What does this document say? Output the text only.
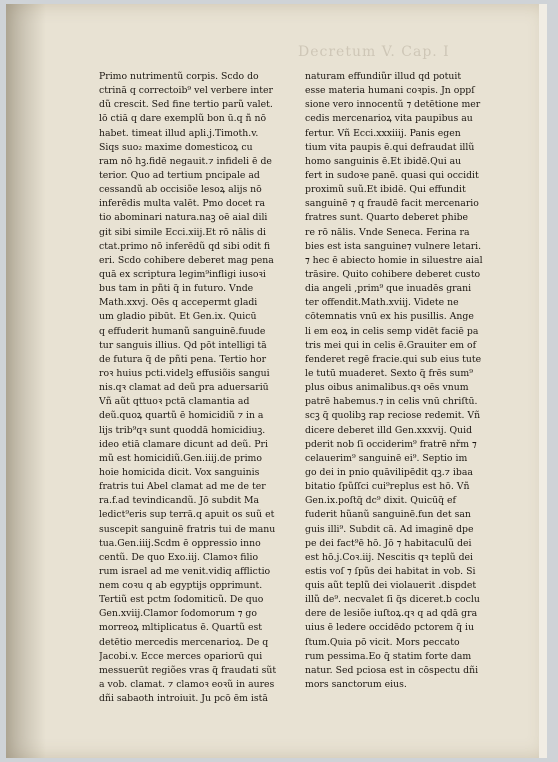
Decretum V. Cap. I
Primo nutrimentũ corpis. Scdo do
ctrinā q correctoib⁹ vel verbere inter
dũ crescit. Sed fine tertio parũ valet.
lō ctiā q dare exemplũ bon ū.q ñ nō
habet. timeat illud apli.j.Timoth.v.
Siqs suo₂ maxime domesticoꝝ cu
ram nō hꝫ.fidē negauit.⁊ infideli ē de
terior. Quo ad tertium pncipale ad
cessandũ ab occisiõe lesoꝝ alijs nō
inferēdis multa valēt. Pmo docet ra
tio abominari natura.naꝫ oē aial dili
git sibi simile Ecci.xiij.Et rō nālis di
ctat.primo nō inferēdũ qd sibi odit fi
eri. Scdo cohibere deberet mag pena
quā ex scriptura legim⁹infligi iusoꝛi
bus tam in pñti q̃ in futuro. Vnde
Math.xxvj. Oēs q accepermt gladi
um gladio pibūt. Et Gen.ix. Quicū
q effuderit humanũ sanguinē.fuude
tur sanguis illius. Qd pōt intelligi tā
de futura q̃ de pñti pena. Tertio hor
roꝛ huius pcti.videlꝫ effusiõis sangui
nis.qꝛ clamat ad deũ pra aduersariū
Vñ aũt qttuoꝛ pctā clamantia ad
deũ.quoꝝ quartũ ē homicidiũ ⁊ in a
lijs trib⁹qꝛ sunt quoddā homicidiuꝫ.
ideo etiā clamare dicunt ad deũ. Pri
mũ est homicidiũ.Gen.iiij.de primo
hoie homicida dicit. Vox sanguinis
fratris tui Abel clamat ad me de ter
ra.f.ad tevindicandũ. Jō subdit Ma
ledict⁹eris sup terrā.q apuit os suũ et
suscepit sanguinē fratris tui de manu
tua.Gen.iiij.Scdm ē oppressio inno
centũ. De quo Exo.iij. Clamoꝛ filio
rum israel ad me venit.vidiq afflictio
nem coꝛu q ab egyptijs opprimunt.
Tertiũ est pctm ſodomiticũ. De quo
Gen.xviij.Clamor ſodomorum ⁊ go
morreoꝝ mltiplicatus ē. Quartũ est
detētio mercedis mercenarioꝝ. De q
Jacobi.v. Ecce merces opariorū qui
messuerūt regiões vras q̃ fraudati sũt
a vob. clamat. ⁊ clamoꝛ eoꝛũ in aures
dñi sabaoth introiuit. Ju pcō ēm istā
naturam effundiũr illud qd potuit
esse materia humani coꝛpis. Jn oppſ
sione vero innocentũ ⁊ detētione mer
cedis mercenarioꝝ vita paupibus au
fertur. Vñ Ecci.xxxiiij. Panis egen
tium vita paupis ē.qui defraudat illũ
homo sanguinis ē.Et ibidē.Qui au
fert in sudoꝛe panē. quasi qui occidit
proximũ suũ.Et ibidē. Qui effundit
sanguinē ⁊ q fraudē facit mercenario
fratres sunt. Quarto deberet phibe
re rō nālis. Vnde Seneca. Ferina ra
bies est ista sanguine⁊ vulnere letari.
⁊ hec ē abiecto homie in siluestre aial
trāsire. Quito cohibere deberet custo
dia angeli ,prim⁹ que inuadēs grani
ter offendit.Math.xviij. Videte ne
cōtemnatis vnū ex his pusillis. Ange
li em eoꝝ in celis semp vidēt faciē pa
tris mei qui in celis ē.Grauiter em of
fenderet regē fracie.qui sub eius tute
le tutū muaderet. Sexto q̃ frēs sum⁹
plus oibus animalibus.qꝛ oēs vnum
patrē habemus.⁊ in celis vnū chriſtū.
scꝫ q̃ quolibꝫ rap reciose redemit. Vñ
dicere deberet illd Gen.xxxvij. Quid
pderit nob ſi occiderim⁹ fratrē nřm ⁊
celauerim⁹ sanguinē ei⁹. Septio im
go dei in pnio quāvilipēdit qꝫ.⁊ ibaa
bitatio ſpũſſci cui⁹replus est hō. Vñ
Gen.ix.poſtq̃ dc⁹ dixit. Quicūq̃ ef
fuderit hũanũ sanguinē.fun det san
guis illi⁹. Subdit cā. Ad imaginē dpe
pe dei fact⁹ē hō. Jō ⁊ habitaculũ dei
est hō.j.Coꝛ.iij. Nescitis qꝛ teplũ dei
estis voſ ⁊ ſpũs dei habitat in vob. Si
quis aũt teplũ dei violauerit .dispdet
illũ de⁹. necvalet ſi q̃s diceret.b coclu
dere de lesiõe iuſtoꝝ.qꝛ q ad qdā gra
uius ē ledere occidēdo pctorem q̃ iu
ſtum.Quia pō vicit. Mors peccato
rum pessima.Eo q̃ statim forte dam
natur. Sed pciosa est in cōspectu dñi
mors sanctorum eius.
